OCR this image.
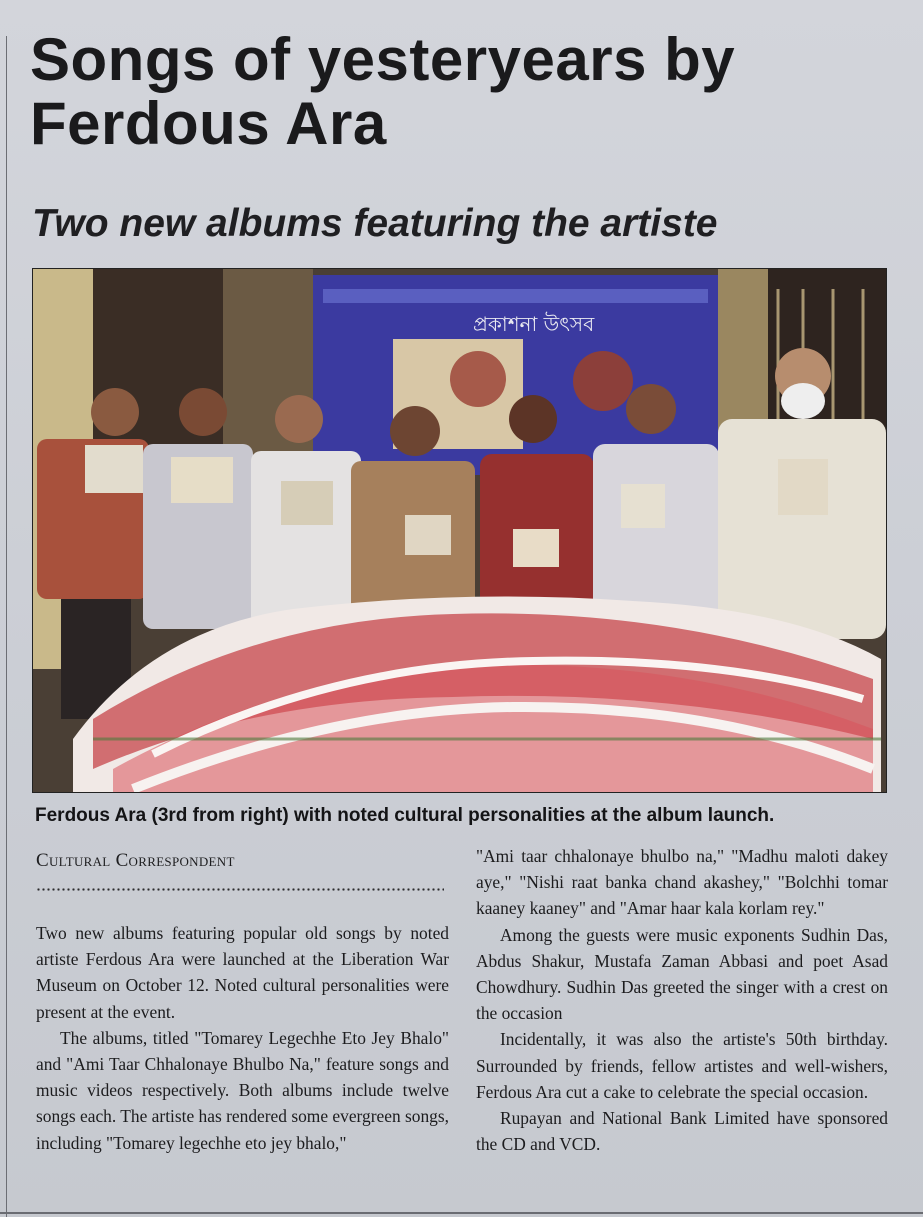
Songs of yesteryears by Ferdous Ara
Two new albums featuring the artiste
প্রকাশনা উৎসব

Ferdous Ara (3rd from right) with noted cultural personalities at the album launch.

Cultural Correspondent

Two new albums featuring popular old songs by noted artiste Ferdous Ara were launched at the Liberation War Museum on October 12. Noted cultural personalities were present at the event.

The albums, titled "Tomarey Legechhe Eto Jey Bhalo" and "Ami Taar Chhalonaye Bhulbo Na," feature songs and music videos respectively. Both albums include twelve songs each. The artiste has rendered some evergreen songs, including "Tomarey legechhe eto jey bhalo,"

"Ami taar chhalonaye bhulbo na," "Madhu maloti dakey aye," "Nishi raat banka chand akashey," "Bolchhi tomar kaaney kaaney" and "Amar haar kala korlam rey."

Among the guests were music exponents Sudhin Das, Abdus Shakur, Mustafa Zaman Abbasi and poet Asad Chowdhury. Sudhin Das greeted the singer with a crest on the occasion

Incidentally, it was also the artiste's 50th birthday. Surrounded by friends, fellow artistes and well-wishers, Ferdous Ara cut a cake to celebrate the special occasion.

Rupayan and National Bank Limited have sponsored the CD and VCD.
